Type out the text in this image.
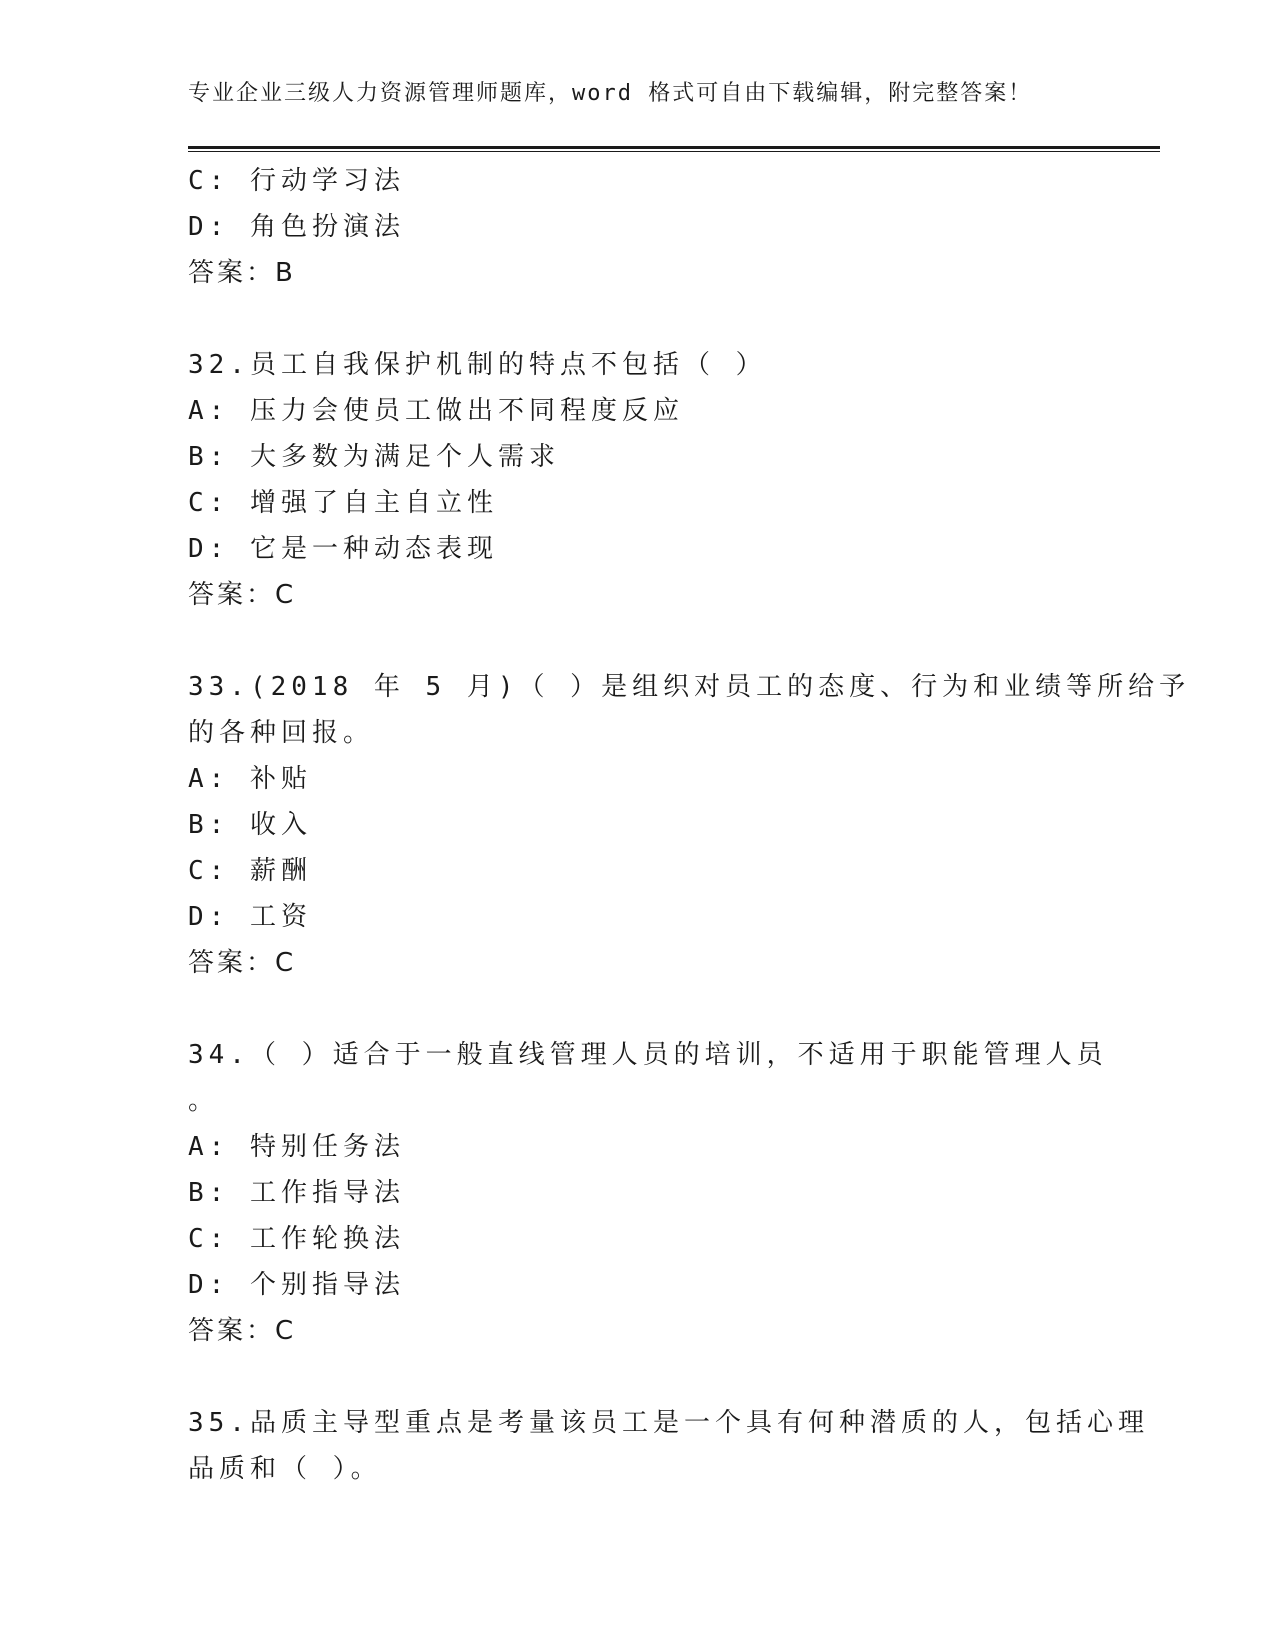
专业企业三级人力资源管理师题库，word 格式可自由下载编辑，附完整答案！
C: 行动学习法
D: 角色扮演法
答案：B
32.员工自我保护机制的特点不包括（ ）
A: 压力会使员工做出不同程度反应
B: 大多数为满足个人需求
C: 增强了自主自立性
D: 它是一种动态表现
答案：C
33.(2018 年 5 月)（ ）是组织对员工的态度、行为和业绩等所给予
的各种回报。
A: 补贴
B: 收入
C: 薪酬
D: 工资
答案：C
34.（ ）适合于一般直线管理人员的培训，不适用于职能管理人员
。
A: 特别任务法
B: 工作指导法
C: 工作轮换法
D: 个别指导法
答案：C
35.品质主导型重点是考量该员工是一个具有何种潜质的人，包括心理
品质和（ ）。
